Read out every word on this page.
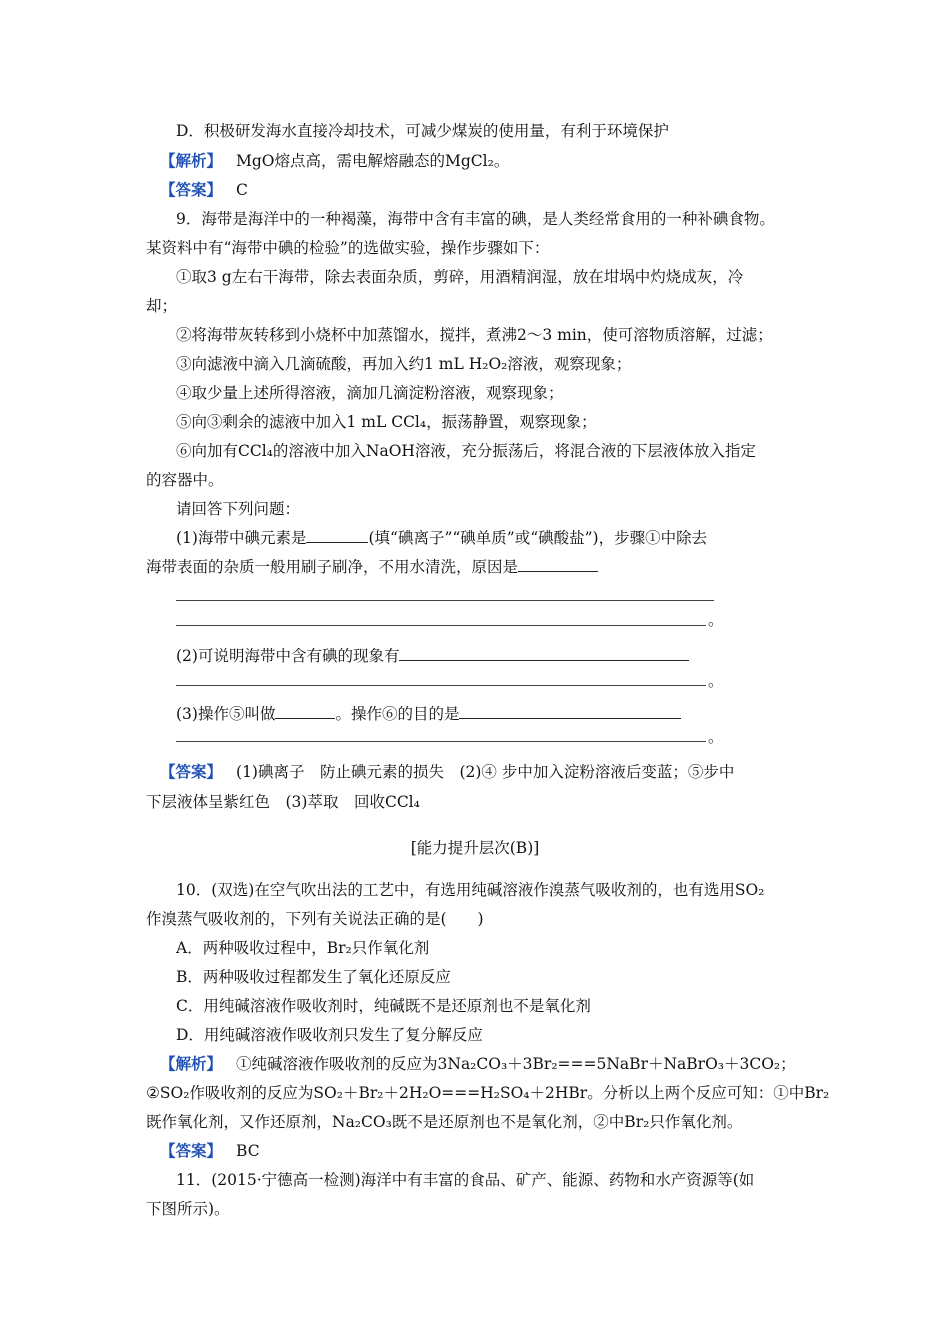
D．积极研发海水直接冷却技术，可减少煤炭的使用量，有利于环境保护
【解析】 MgO熔点高，需电解熔融态的MgCl₂。
【答案】 C
9．海带是海洋中的一种褐藻，海带中含有丰富的碘，是人类经常食用的一种补碘食物。
某资料中有“海带中碘的检验”的选做实验，操作步骤如下：
①取3 g左右干海带，除去表面杂质，剪碎，用酒精润湿，放在坩埚中灼烧成灰，冷
却；
②将海带灰转移到小烧杯中加蒸馏水，搅拌，煮沸2～3 min，使可溶物质溶解，过滤；
③向滤液中滴入几滴硫酸，再加入约1 mL H₂O₂溶液，观察现象；
④取少量上述所得溶液，滴加几滴淀粉溶液，观察现象；
⑤向③剩余的滤液中加入1 mL CCl₄，振荡静置，观察现象；
⑥向加有CCl₄的溶液中加入NaOH溶液，充分振荡后，将混合液的下层液体放入指定
的容器中。
请回答下列问题：
(1)海带中碘元素是	(填“碘离子”“碘单质”或“碘酸盐”)，步骤①中除去
海带表面的杂质一般用刷子刷净，不用水清洗，原因是
。
(2)可说明海带中含有碘的现象有
。
(3)操作⑤叫做	。操作⑥的目的是
。
【答案】 (1)碘离子　防止碘元素的损失　(2)④ 步中加入淀粉溶液后变蓝；⑤步中
下层液体呈紫红色　(3)萃取　回收CCl₄
[能力提升层次(B)]
10．(双选)在空气吹出法的工艺中，有选用纯碱溶液作溴蒸气吸收剂的，也有选用SO₂
作溴蒸气吸收剂的，下列有关说法正确的是(　　)
A．两种吸收过程中，Br₂只作氧化剂
B．两种吸收过程都发生了氧化还原反应
C．用纯碱溶液作吸收剂时，纯碱既不是还原剂也不是氧化剂
D．用纯碱溶液作吸收剂只发生了复分解反应
【解析】 ①纯碱溶液作吸收剂的反应为3Na₂CO₃＋3Br₂===5NaBr＋NaBrO₃＋3CO₂；
②SO₂作吸收剂的反应为SO₂＋Br₂＋2H₂O===H₂SO₄＋2HBr。分析以上两个反应可知：①中Br₂
既作氧化剂，又作还原剂，Na₂CO₃既不是还原剂也不是氧化剂，②中Br₂只作氧化剂。
【答案】 BC
11．(2015·宁德高一检测)海洋中有丰富的食品、矿产、能源、药物和水产资源等(如
下图所示)。
